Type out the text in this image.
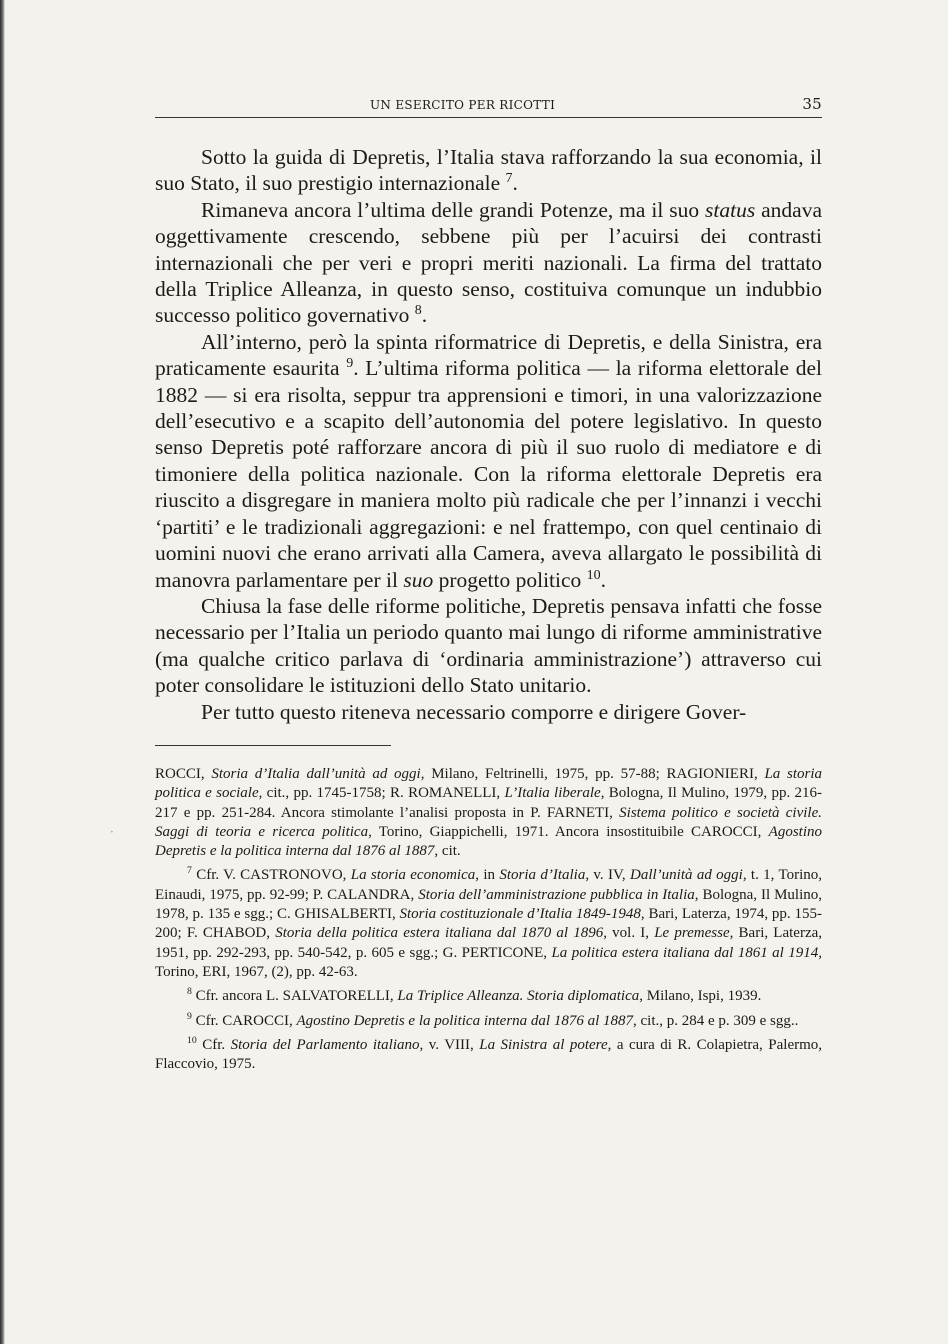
·
UN ESERCITO PER RICOTTI	35

Sotto la guida di Depretis, l’Italia stava rafforzando la sua economia, il suo Stato, il suo prestigio internazionale $^7$.

Rimaneva ancora l’ultima delle grandi Potenze, ma il suo status andava oggettivamente crescendo, sebbene più per l’acuirsi dei contrasti internazionali che per veri e propri meriti nazionali. La firma del trattato della Triplice Alleanza, in questo senso, costituiva comunque un indubbio successo politico governativo $^8$.

All’interno, però la spinta riformatrice di Depretis, e della Sinistra, era praticamente esaurita $^9$. L’ultima riforma politica — la riforma elettorale del 1882 — si era risolta, seppur tra apprensioni e timori, in una valorizzazione dell’esecutivo e a scapito dell’autonomia del potere legislativo. In questo senso Depretis poté rafforzare ancora di più il suo ruolo di mediatore e di timoniere della politica nazionale. Con la riforma elettorale Depretis era riuscito a disgregare in maniera molto più radicale che per l’innanzi i vecchi ‘partiti’ e le tradizionali aggregazioni: e nel frattempo, con quel centinaio di uomini nuovi che erano arrivati alla Camera, aveva allargato le possibilità di manovra parlamentare per il suo progetto politico $^{10}$.

Chiusa la fase delle riforme politiche, Depretis pensava infatti che fosse necessario per l’Italia un periodo quanto mai lungo di riforme amministrative (ma qualche critico parlava di ‘ordinaria amministrazione’) attraverso cui poter consolidare le istituzioni dello Stato unitario.

Per tutto questo riteneva necessario comporre e dirigere Gover-

ROCCI, Storia d’Italia dall’unità ad oggi, Milano, Feltrinelli, 1975, pp. 57-88; RAGIONIERI, La storia politica e sociale, cit., pp. 1745-1758; R. ROMANELLI, L’Italia liberale, Bologna, Il Mulino, 1979, pp. 216-217 e pp. 251-284. Ancora stimolante l’analisi proposta in P. FARNETI, Sistema politico e società civile. Saggi di teoria e ricerca politica, Torino, Giappichelli, 1971. Ancora insostituibile CAROCCI, Agostino Depretis e la politica interna dal 1876 al 1887, cit.

$^7$ Cfr. V. CASTRONOVO, La storia economica, in Storia d’Italia, v. IV, Dall’unità ad oggi, t. 1, Torino, Einaudi, 1975, pp. 92-99; P. CALANDRA, Storia dell’amministrazione pubblica in Italia, Bologna, Il Mulino, 1978, p. 135 e sgg.; C. GHISALBERTI, Storia costituzionale d’Italia 1849-1948, Bari, Laterza, 1974, pp. 155-200; F. CHABOD, Storia della politica estera italiana dal 1870 al 1896, vol. I, Le premesse, Bari, Laterza, 1951, pp. 292-293, pp. 540-542, p. 605 e sgg.; G. PERTICONE, La politica estera italiana dal 1861 al 1914, Torino, ERI, 1967, (2), pp. 42-63.

$^8$ Cfr. ancora L. SALVATORELLI, La Triplice Alleanza. Storia diplomatica, Milano, Ispi, 1939.

$^9$ Cfr. CAROCCI, Agostino Depretis e la politica interna dal 1876 al 1887, cit., p. 284 e p. 309 e sgg..

$^{10}$ Cfr. Storia del Parlamento italiano, v. VIII, La Sinistra al potere, a cura di R. Colapietra, Palermo, Flaccovio, 1975.
